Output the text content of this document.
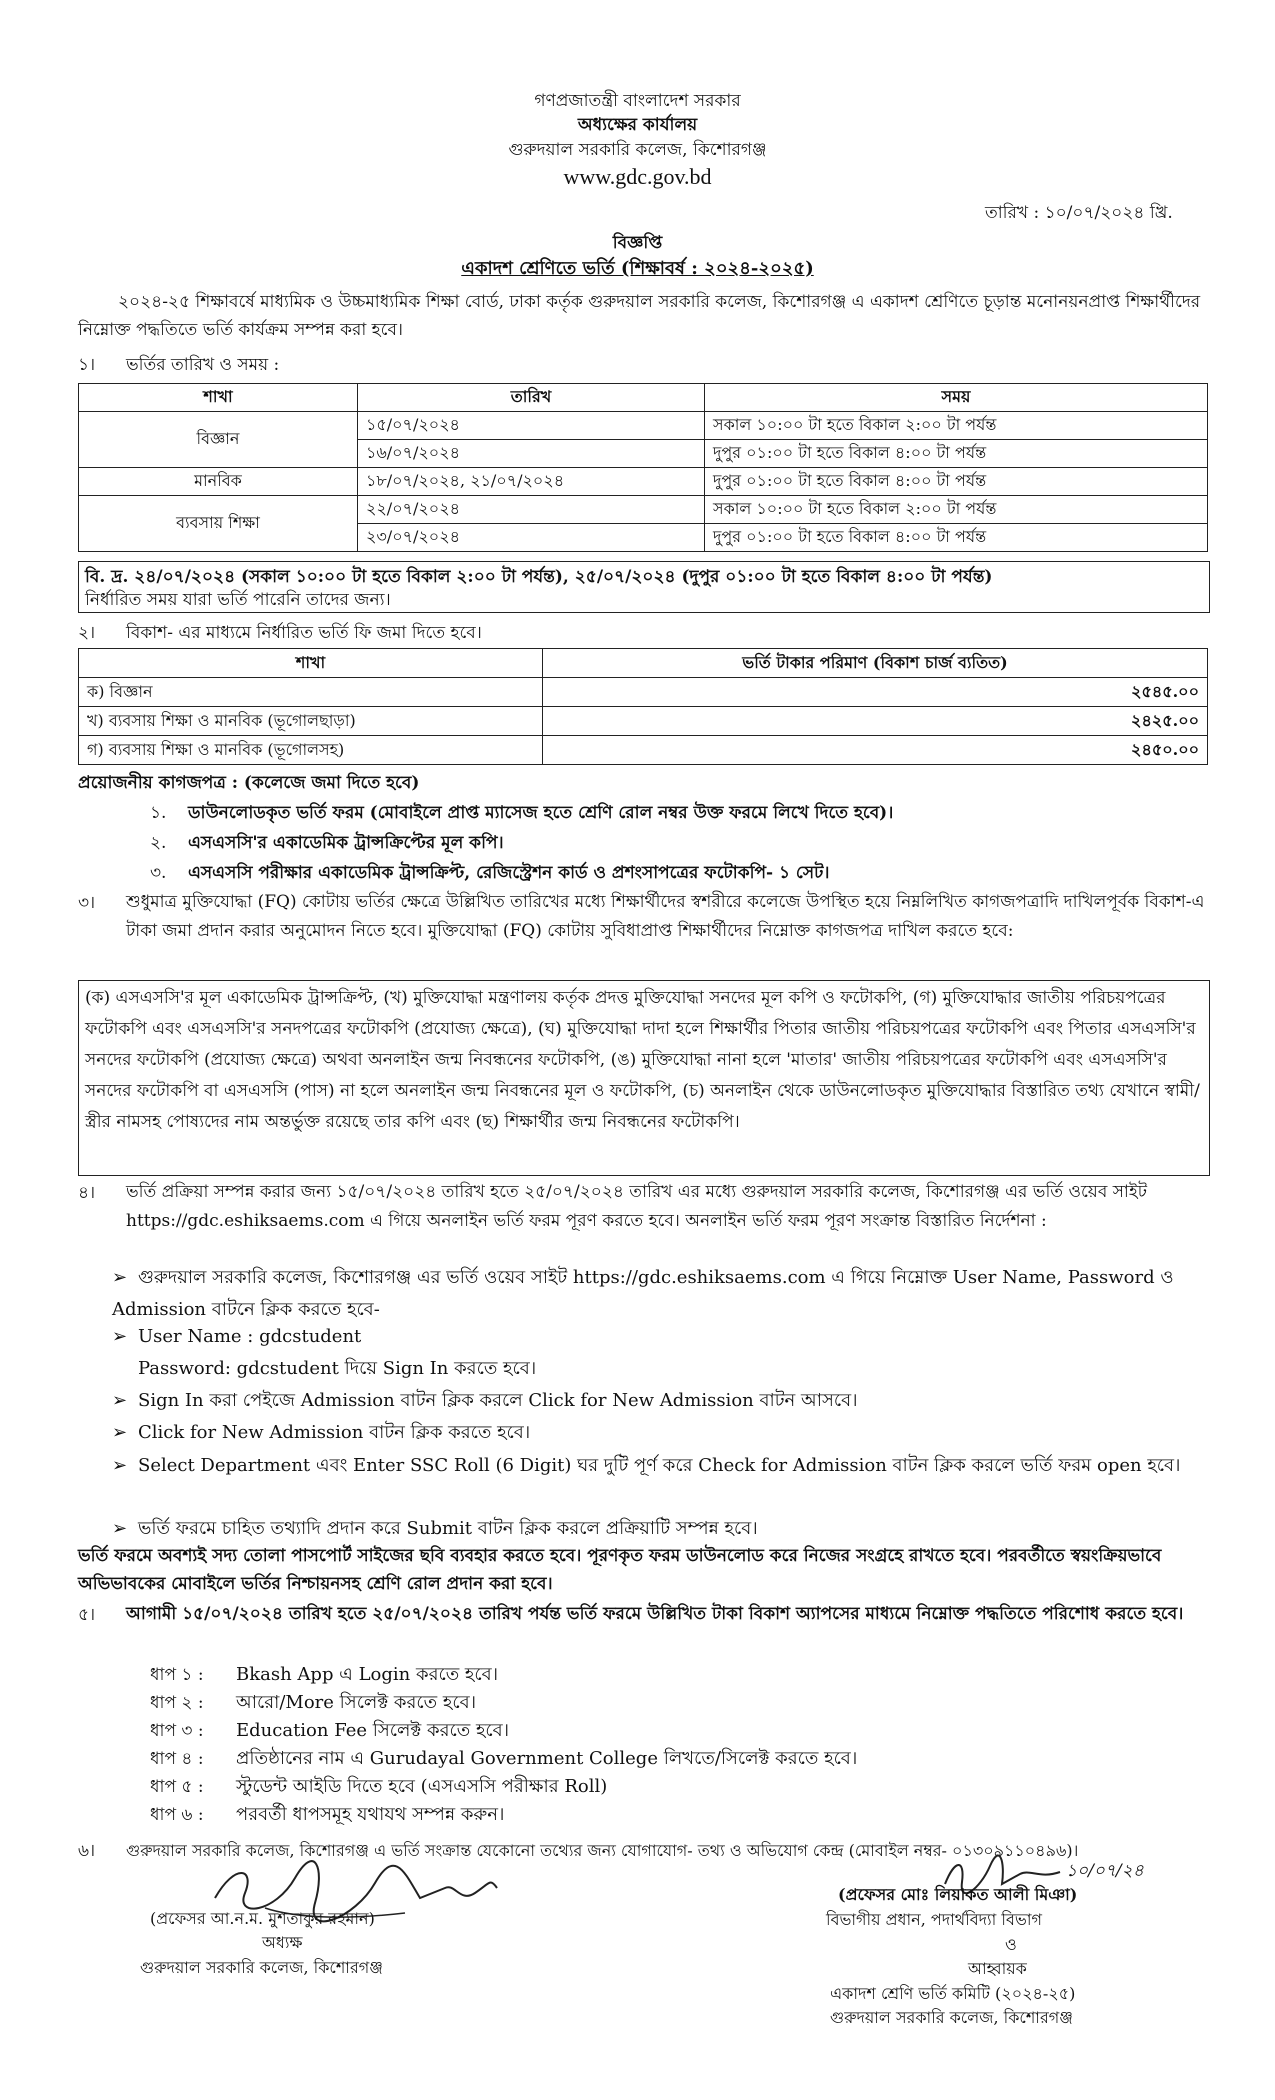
গণপ্রজাতন্ত্রী বাংলাদেশ সরকার
অধ্যক্ষের কার্যালয়
গুরুদয়াল সরকারি কলেজ, কিশোরগঞ্জ
www.gdc.gov.bd
তারিখ : ১০/০৭/২০২৪ খ্রি.
বিজ্ঞপ্তি
একাদশ শ্রেণিতে ভর্তি (শিক্ষাবর্ষ : ২০২৪-২০২৫)
২০২৪-২৫ শিক্ষাবর্ষে মাধ্যমিক ও উচ্চমাধ্যমিক শিক্ষা বোর্ড, ঢাকা কর্তৃক গুরুদয়াল সরকারি কলেজ, কিশোরগঞ্জ এ একাদশ শ্রেণিতে চূড়ান্ত মনোনয়নপ্রাপ্ত শিক্ষার্থীদের নিম্নোক্ত পদ্ধতিতে ভর্তি কার্যক্রম সম্পন্ন করা হবে।
১। ভর্তির তারিখ ও সময় :
শাখা	তারিখ	সময়
বিজ্ঞান	১৫/০৭/২০২৪	সকাল ১০:০০ টা হতে বিকাল ২:০০ টা পর্যন্ত
	১৬/০৭/২০২৪	দুপুর ০১:০০ টা হতে বিকাল ৪:০০ টা পর্যন্ত
মানবিক	১৮/০৭/২০২৪, ২১/০৭/২০২৪	দুপুর ০১:০০ টা হতে বিকাল ৪:০০ টা পর্যন্ত
ব্যবসায় শিক্ষা	২২/০৭/২০২৪	সকাল ১০:০০ টা হতে বিকাল ২:০০ টা পর্যন্ত
	২৩/০৭/২০২৪	দুপুর ০১:০০ টা হতে বিকাল ৪:০০ টা পর্যন্ত
বি. দ্র. ২৪/০৭/২০২৪ (সকাল ১০:০০ টা হতে বিকাল ২:০০ টা পর্যন্ত), ২৫/০৭/২০২৪ (দুপুর ০১:০০ টা হতে বিকাল ৪:০০ টা পর্যন্ত)
নির্ধারিত সময় যারা ভর্তি পারেনি তাদের জন্য।
২। বিকাশ- এর মাধ্যমে নির্ধারিত ভর্তি ফি জমা দিতে হবে।
শাখা	ভর্তি টাকার পরিমাণ (বিকাশ চার্জ ব্যতিত)
ক) বিজ্ঞান	২৫৪৫.০০
খ) ব্যবসায় শিক্ষা ও মানবিক (ভূগোলছাড়া)	২৪২৫.০০
গ) ব্যবসায় শিক্ষা ও মানবিক (ভূগোলসহ)	২৪৫০.০০
প্রয়োজনীয় কাগজপত্র : (কলেজে জমা দিতে হবে)
১. ডাউনলোডকৃত ভর্তি ফরম (মোবাইলে প্রাপ্ত ম্যাসেজ হতে শ্রেণি রোল নম্বর উক্ত ফরমে লিখে দিতে হবে)।
২. এসএসসি'র একাডেমিক ট্রান্সক্রিপ্টের মূল কপি।
৩. এসএসসি পরীক্ষার একাডেমিক ট্রান্সক্রিপ্ট, রেজিস্ট্রেশন কার্ড ও প্রশংসাপত্রের ফটোকপি- ১ সেট।
৩। শুধুমাত্র মুক্তিযোদ্ধা (FQ) কোটায় ভর্তির ক্ষেত্রে উল্লিখিত তারিখের মধ্যে শিক্ষার্থীদের স্বশরীরে কলেজে উপস্থিত হয়ে নিম্নলিখিত কাগজপত্রাদি দাখিলপূর্বক বিকাশ-এ টাকা জমা প্রদান করার অনুমোদন নিতে হবে। মুক্তিযোদ্ধা (FQ) কোটায় সুবিধাপ্রাপ্ত শিক্ষার্থীদের নিম্নোক্ত কাগজপত্র দাখিল করতে হবে:
(ক) এসএসসি'র মূল একাডেমিক ট্রান্সক্রিপ্ট, (খ) মুক্তিযোদ্ধা মন্ত্রণালয় কর্তৃক প্রদত্ত মুক্তিযোদ্ধা সনদের মূল কপি ও ফটোকপি, (গ) মুক্তিযোদ্ধার জাতীয় পরিচয়পত্রের ফটোকপি এবং এসএসসি'র সনদপত্রের ফটোকপি (প্রযোজ্য ক্ষেত্রে), (ঘ) মুক্তিযোদ্ধা দাদা হলে শিক্ষার্থীর পিতার জাতীয় পরিচয়পত্রের ফটোকপি এবং পিতার এসএসসি'র সনদের ফটোকপি (প্রযোজ্য ক্ষেত্রে) অথবা অনলাইন জন্ম নিবন্ধনের ফটোকপি, (ঙ) মুক্তিযোদ্ধা নানা হলে 'মাতার' জাতীয় পরিচয়পত্রের ফটোকপি এবং এসএসসি'র সনদের ফটোকপি বা এসএসসি (পাস) না হলে অনলাইন জন্ম নিবন্ধনের মূল ও ফটোকপি, (চ) অনলাইন থেকে ডাউনলোডকৃত মুক্তিযোদ্ধার বিস্তারিত তথ্য যেখানে স্বামী/স্ত্রীর নামসহ পোষ্যদের নাম অন্তর্ভুক্ত রয়েছে তার কপি এবং (ছ) শিক্ষার্থীর জন্ম নিবন্ধনের ফটোকপি।
৪। ভর্তি প্রক্রিয়া সম্পন্ন করার জন্য ১৫/০৭/২০২৪ তারিখ হতে ২৫/০৭/২০২৪ তারিখ এর মধ্যে গুরুদয়াল সরকারি কলেজ, কিশোরগঞ্জ এর ভর্তি ওয়েব সাইট https://gdc.eshiksaems.com এ গিয়ে অনলাইন ভর্তি ফরম পূরণ করতে হবে। অনলাইন ভর্তি ফরম পূরণ সংক্রান্ত বিস্তারিত নির্দেশনা :
➢ গুরুদয়াল সরকারি কলেজ, কিশোরগঞ্জ এর ভর্তি ওয়েব সাইট https://gdc.eshiksaems.com এ গিয়ে নিম্নোক্ত User Name, Password ও Admission বাটনে ক্লিক করতে হবে-
➢ User Name : gdcstudent
Password: gdcstudent দিয়ে Sign In করতে হবে।
➢ Sign In করা পেইজে Admission বাটন ক্লিক করলে Click for New Admission বাটন আসবে।
➢ Click for New Admission বাটন ক্লিক করতে হবে।
➢ Select Department এবং Enter SSC Roll (6 Digit) ঘর দুটি পূর্ণ করে Check for Admission বাটন ক্লিক করলে ভর্তি ফরম open হবে।
➢ ভর্তি ফরমে চাহিত তথ্যাদি প্রদান করে Submit বাটন ক্লিক করলে প্রক্রিয়াটি সম্পন্ন হবে।
ভর্তি ফরমে অবশ্যই সদ্য তোলা পাসপোর্ট সাইজের ছবি ব্যবহার করতে হবে। পূরণকৃত ফরম ডাউনলোড করে নিজের সংগ্রহে রাখতে হবে। পরবর্তীতে স্বয়ংক্রিয়ভাবে অভিভাবকের মোবাইলে ভর্তির নিশ্চায়নসহ শ্রেণি রোল প্রদান করা হবে।
৫। আগামী ১৫/০৭/২০২৪ তারিখ হতে ২৫/০৭/২০২৪ তারিখ পর্যন্ত ভর্তি ফরমে উল্লিখিত টাকা বিকাশ অ্যাপসের মাধ্যমে নিম্নোক্ত পদ্ধতিতে পরিশোধ করতে হবে।
ধাপ ১ : Bkash App এ Login করতে হবে।
ধাপ ২ : আরো/More সিলেক্ট করতে হবে।
ধাপ ৩ : Education Fee সিলেক্ট করতে হবে।
ধাপ ৪ : প্রতিষ্ঠানের নাম এ Gurudayal Government College লিখতে/সিলেক্ট করতে হবে।
ধাপ ৫ : স্টুডেন্ট আইডি দিতে হবে (এসএসসি পরীক্ষার Roll)
ধাপ ৬ : পরবর্তী ধাপসমূহ যথাযথ সম্পন্ন করুন।
৬। গুরুদয়াল সরকারি কলেজ, কিশোরগঞ্জ এ ভর্তি সংক্রান্ত যেকোনো তথ্যের জন্য যোগাযোগ- তথ্য ও অভিযোগ কেন্দ্র (মোবাইল নম্বর- ০১৩০৯১১০৪৯৬)।
(প্রফেসর আ.ন.ম. মুশতাকুর রহমান)
অধ্যক্ষ
গুরুদয়াল সরকারি কলেজ, কিশোরগঞ্জ
১০/০৭/২৪
(প্রফেসর মোঃ লিয়াকত আলী মিঞা)
বিভাগীয় প্রধান, পদার্থবিদ্যা বিভাগ
ও
আহ্বায়ক
একাদশ শ্রেণি ভর্তি কমিটি (২০২৪-২৫)
গুরুদয়াল সরকারি কলেজ, কিশোরগঞ্জ
